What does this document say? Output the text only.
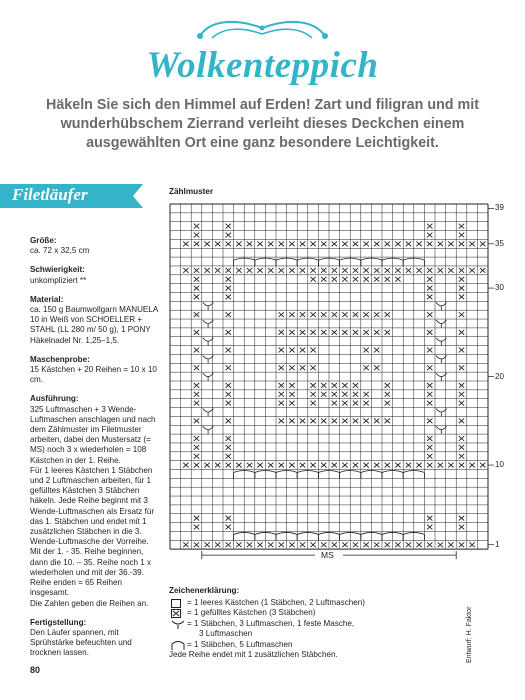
Wolkenteppich
Häkeln Sie sich den Himmel auf Erden! Zart und filigran und mit wunderhübschem Zierrand verleiht dieses Deckchen einem ausgewählten Ort eine ganz besondere Leichtigkeit.
Filetläufer

Größe:

ca. 72 x 32,5 cm

Schwierigkeit:

unkompliziert **

Material:

ca. 150 g Baumwollgarn MANUELA 10 in Weiß von SCHOELLER + STAHL (LL 280 m/ 50 g), 1 PONY Häkelnadel Nr. 1,25–1,5.

Maschenprobe:

15 Kästchen + 20 Reihen = 10 x 10 cm.

Ausführung:

325 Luftmaschen + 3 Wende-Luftmaschen anschlagen und nach dem Zählmuster im Filetmuster arbeiten, dabei den Mustersatz (= MS) noch 3 x wiederholen = 108 Kästchen in der 1. Reihe.

Für 1 leeres Kästchen 1 Stäbchen und 2 Luftmaschen arbeiten, für 1 gefülltes Kästchen 3 Stäbchen häkeln. Jede Reihe beginnt mit 3 Wende-Luftmaschen als Ersatz für das 1. Stäbchen und endet mit 1 zusätzlichen Stäbchen in die 3. Wende-Luftmasche der Vorreihe.

Mit der 1. - 35. Reihe beginnen, dann die 10. – 35. Reihe noch 1 x wiederholen und mit der 36.-39. Reihe enden = 65 Reihen insgesamt.

Die Zahlen geben die Reihen an.

Fertigstellung:

Den Läufer spannen, mit Sprühstärke befeuchten und trocknen lassen.

Zählmuster
39
35
30
20
10
1
MS
Zeichenerklärung:
= 1 leeres Kästchen (1 Stäbchen, 2 Luftmaschen)
= 1 gefülltes Kästchen (3 Stäbchen)
= 1 Stäbchen, 3 Luftmaschen, 1 feste Masche,
3 Luftmaschen
= 1 Stäbchen, 5 Luftmaschen
Jede Reihe endet mit 1 zusätzlichen Stäbchen.
80
Entwurf: H. Faktor
